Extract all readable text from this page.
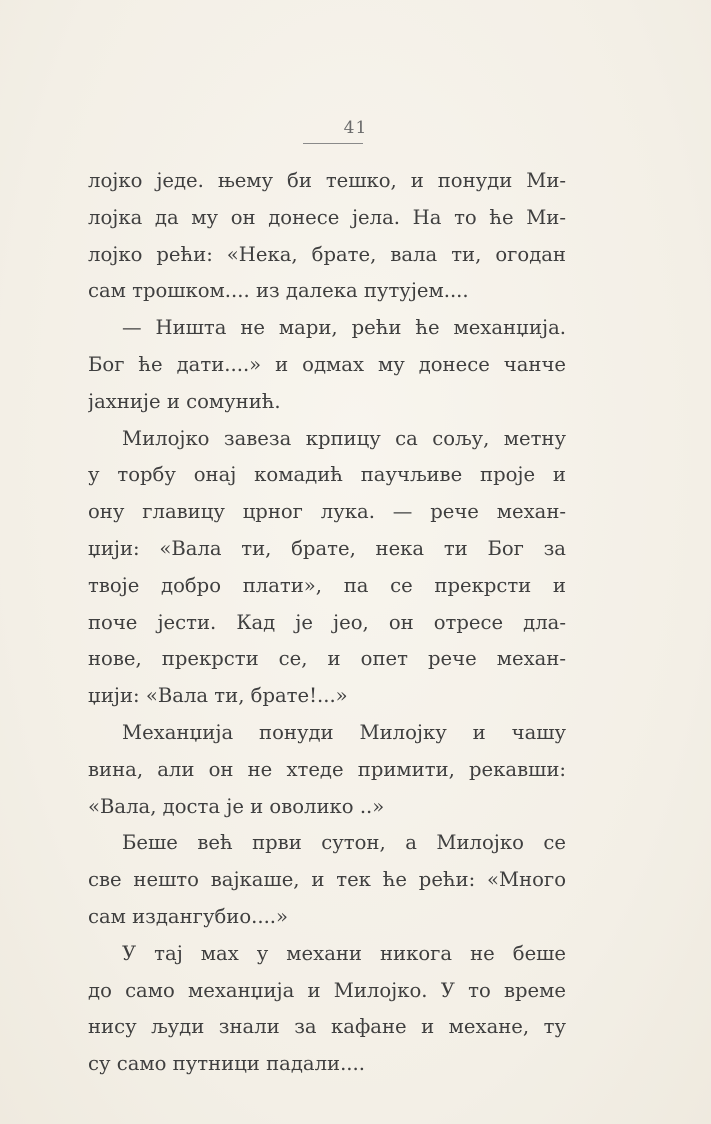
41
лојко једе. њему би тешко, и понуди Ми-
лојка да му он донесе јела. На то ће Ми-
лојко рећи: «Нека, брате, вала ти, огодан
сам трошком.... из далека путујем....
— Ништа не мари, рећи ће механџија.
Бог ће дати....» и одмах му донесе чанче
јахније и сомунић.
Милојко завеза крпицу са сољу, метну
у торбу онај комадић паучљиве проје и
ону главицу црног лука. — рече механ-
џији: «Вала ти, брате, нека ти Бог за
твоје добро плати», па се прекрсти и
поче јести. Кад је јео, он отресе дла-
нове, прекрсти се, и опет рече механ-
џији: «Вала ти, брате!...»
Механџија понуди Милојку и чашу
вина, али он не хтеде примити, рекавши:
«Вала, доста је и оволико ..»
Беше већ први сутон, а Милојко се
све нешто вајкаше, и тек ће рећи: «Много
сам издангубио....»
У тај мах у механи никога не беше
до само механџија и Милојко. У то време
нису људи знали за кафане и механе, ту
су само путници падали....
